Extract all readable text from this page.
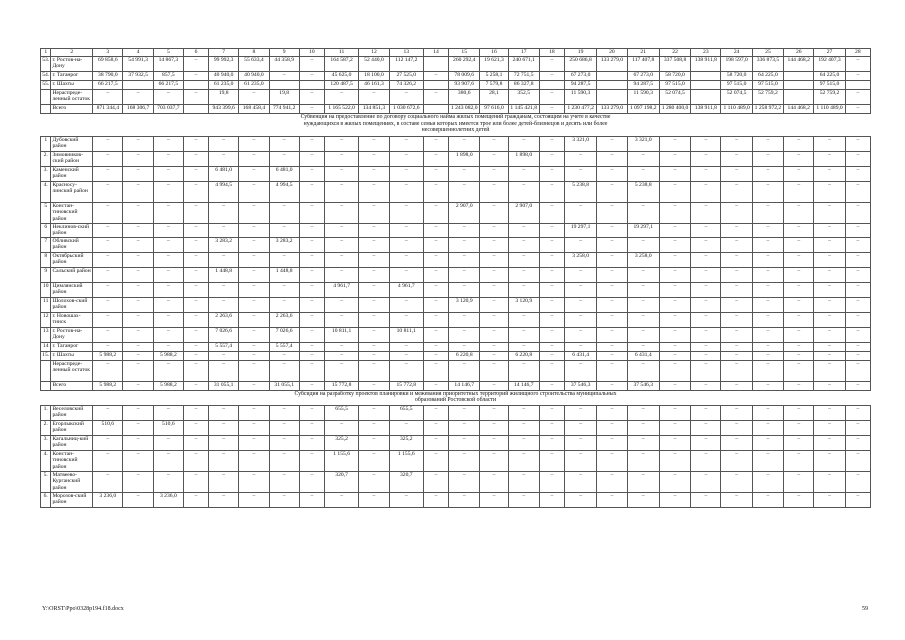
1	2	3	4	5	6	7	8	9	10	11	12	13	14	15	16	17	18	19	20	21	22	23	24	25	26	27	28
53.	г. Ростов-на-Дону	69 858,6	54 991,3	14 867,3	–	99 992,3	55 633,4	44 358,9	–	164 587,2	52 440,0	112 147,2		260 292,4	19 621,3	240 671,1	–	250 686,8	133 279,0	117 407,8	337 508,8	138 911,8	198 597,0	336 873,5	144 468,2	192 407,3	–
54.	г. Таганрог	38 790,0	37 932,5	857,5	–	40 940,0	40 940,0	–	–	45 625,0	18 100,0	27 525,0	–	78 009,6	5 258,1	72 751,5	–	67 273,0		67 273,0	58 720,0		58 720,0	64 225,0		64 225,0	–
55.	г. Шахты	66 217,5		66 217,5		61 235,0	61 235,0			120 487,5	46 161,3	74 326,2		93 907,6	7 579,8	86 327,8		94 287,5		94 287,5	97 515,0		97 515,0	97 515,0		97 515,0	
	Нераспреде-ленный остаток	–	–	–	–	19,8	–	19,8	–	–	–	–	–	380,6	28,1	352,5	–	11 590,3		11 590,3	52 074,5		52 074,5	52 759,2		52 759,2	–
	Всего	871 344,4	168 306,7	703 037,7		943 399,6	168 458,4	774 941,2	–	1 165 522,0	134 851,3	1 030 672,6		1 243 082,0	97 616,0	1 145 421,8	–	1 230 477,2	133 279,0	1 097 198,2	1 280 400,0	138 911,8	1 110 489,0	1 258 972,2	144 468,2	1 110 489,0	–

Субвенция на предоставление по договору социального найма жилых помещений гражданам, состоящим на учете в качестве нуждающихся в жилых помещениях, в составе семьи которых имеется трое или более детей-близнецов и десять или более несовершеннолетних детей																											

1	Дубовский район	–	–	–	–	–	–	–	–	–	–	–	–	–	–	–	–	3 321,0	–	3 321,0	–	–	–	–	–	–	–
2.	Зимовников-ский район	–	–	–	–	–	–	–	–	–	–	–	–	1 898,0	–	1 898,0	–	–	–	–	–	–	–	–	–	–	–
3.	Каменский район	–	–	–	–	6 481,0	–	6 481,0	–	–	–	–	–	–	–	–	–	–	–	–	–	–	–	–	–	–	–
4.	Красносу-линский район	–	–	–	–	4 994,5	–	4 994,5	–	–	–	–	–	–	–	–	–	5 238,8	–	5 238,8	–	–	–	–	–	–	–
5	Констан-тиновский район	–	–	–	–	–	–	–	–	–	–	–	–	2 907,0	–	2 907,0	–	–	–	–	–	–	–	–	–	–	–
6	Неклинов-ский район	–	–	–	–	–	–	–	–	–	–	–	–	–	–	–	–	19 297,1	–	19 297,1	–	–	–	–	–	–	–
7	Обливский район	–	–	–	–	3 283,2	–	3 283,2	–	–	–	–	–	–	–	–	–	–	–	–	–	–	–	–	–	–	–
8	Октябрьский район	–	–	–	–	–	–	–	–	–	–	–	–	–	–	–	–	3 258,0	–	3 258,0	–	–	–	–	–	–	–
9	Сальский район	–	–	–	–	1 448,8	–	1 448,8	–	–	–	–	–	–	–	–	–	–	–	–	–	–	–	–	–	–	–
10	Цимлянский район	–	–	–	–	–	–	–	–	4 961,7	–	4 961,7	–	–	–	–	–	–	–	–	–	–	–	–	–	–	–
11	Шолохов-ский район	–	–	–	–	–	–	–	–	–	–	–	–	3 120,9	–	3 120,9	–	–	–	–	–	–	–	–	–	–	–
12	г. Новошах-тинск	–	–	–	–	2 263,6	–	2 263,6	–	–	–	–	–	–	–	–	–	–	–	–	–	–	–	–	–	–	–
13	г. Ростов-на-Дону	–	–	–	–	7 026,6	–	7 026,6	–	10 811,1	–	10 811,1	–	–	–	–	–	–	–	–	–	–	–	–	–	–	–
14	г. Таганрог	–	–	–	–	5 557,4	–	5 557,4	–	–	–	–	–	–	–	–	–	–	–	–	–	–	–	–	–	–	–
15.	г. Шахты	5 988,2	–	5 988,2	–	–	–	–	–	–	–	–	–	6 220,8	–	6 220,8	–	6 431,4	–	6 431,4	–	–	–	–	–	–	–
	Нераспреде-ленный остаток	–	–	–	–	–	–	–	–	–	–	–	–	–	–	–	–	–	–	–	–	–	–	–	–	–	–
	Всего	5 988,2	–	5 988,2	–	31 055,1	–	31 055,1	–	15 772,8	–	15 772,8	–	14 146,7	–	14 146,7	–	37 546,3	–	37 546,3	–	–	–	–	–	–	–

Субсидия на разработку проектов планировки и межевания приоритетных территорий жилищного строительства муниципальных образований Ростовской области																											

1.	Веселовский район	–	–	–	–	–	–	–	–	655,5	–	655,5	–	–	–	–	–	–	–	–	–	–	–	–	–	–	–
2.	Егорлыкский район	510,6	–	510,6	–	–	–	–	–	–	–	–	–	–	–	–	–	–	–	–	–	–	–	–	–	–	–
3.	Кагальниц-кий район	–	–	–	–	–	–	–	–	325,2	–	325,2	–	–	–	–	–	–	–	–	–	–	–	–	–	–	–
4.	Констан-тиновский район	–	–	–	–	–	–	–	–	1 155,6	–	1 155,6	–	–	–	–	–	–	–	–	–	–	–	–	–	–	–
5.	Матвеево-Курганский район	–	–	–	–	–	–	–	–	320,7	–	320,7	–	–	–	–	–	–	–	–	–	–	–	–	–	–	–
6.	Морозов-ский район	3 236,0	–	3 236,0	–	–	–	–	–	–	–	–	–	–	–	–	–	–	–	–	–	–	–	–	–	–	–
Y:\ORST\Ppo\0328p194.f18.docx	59
